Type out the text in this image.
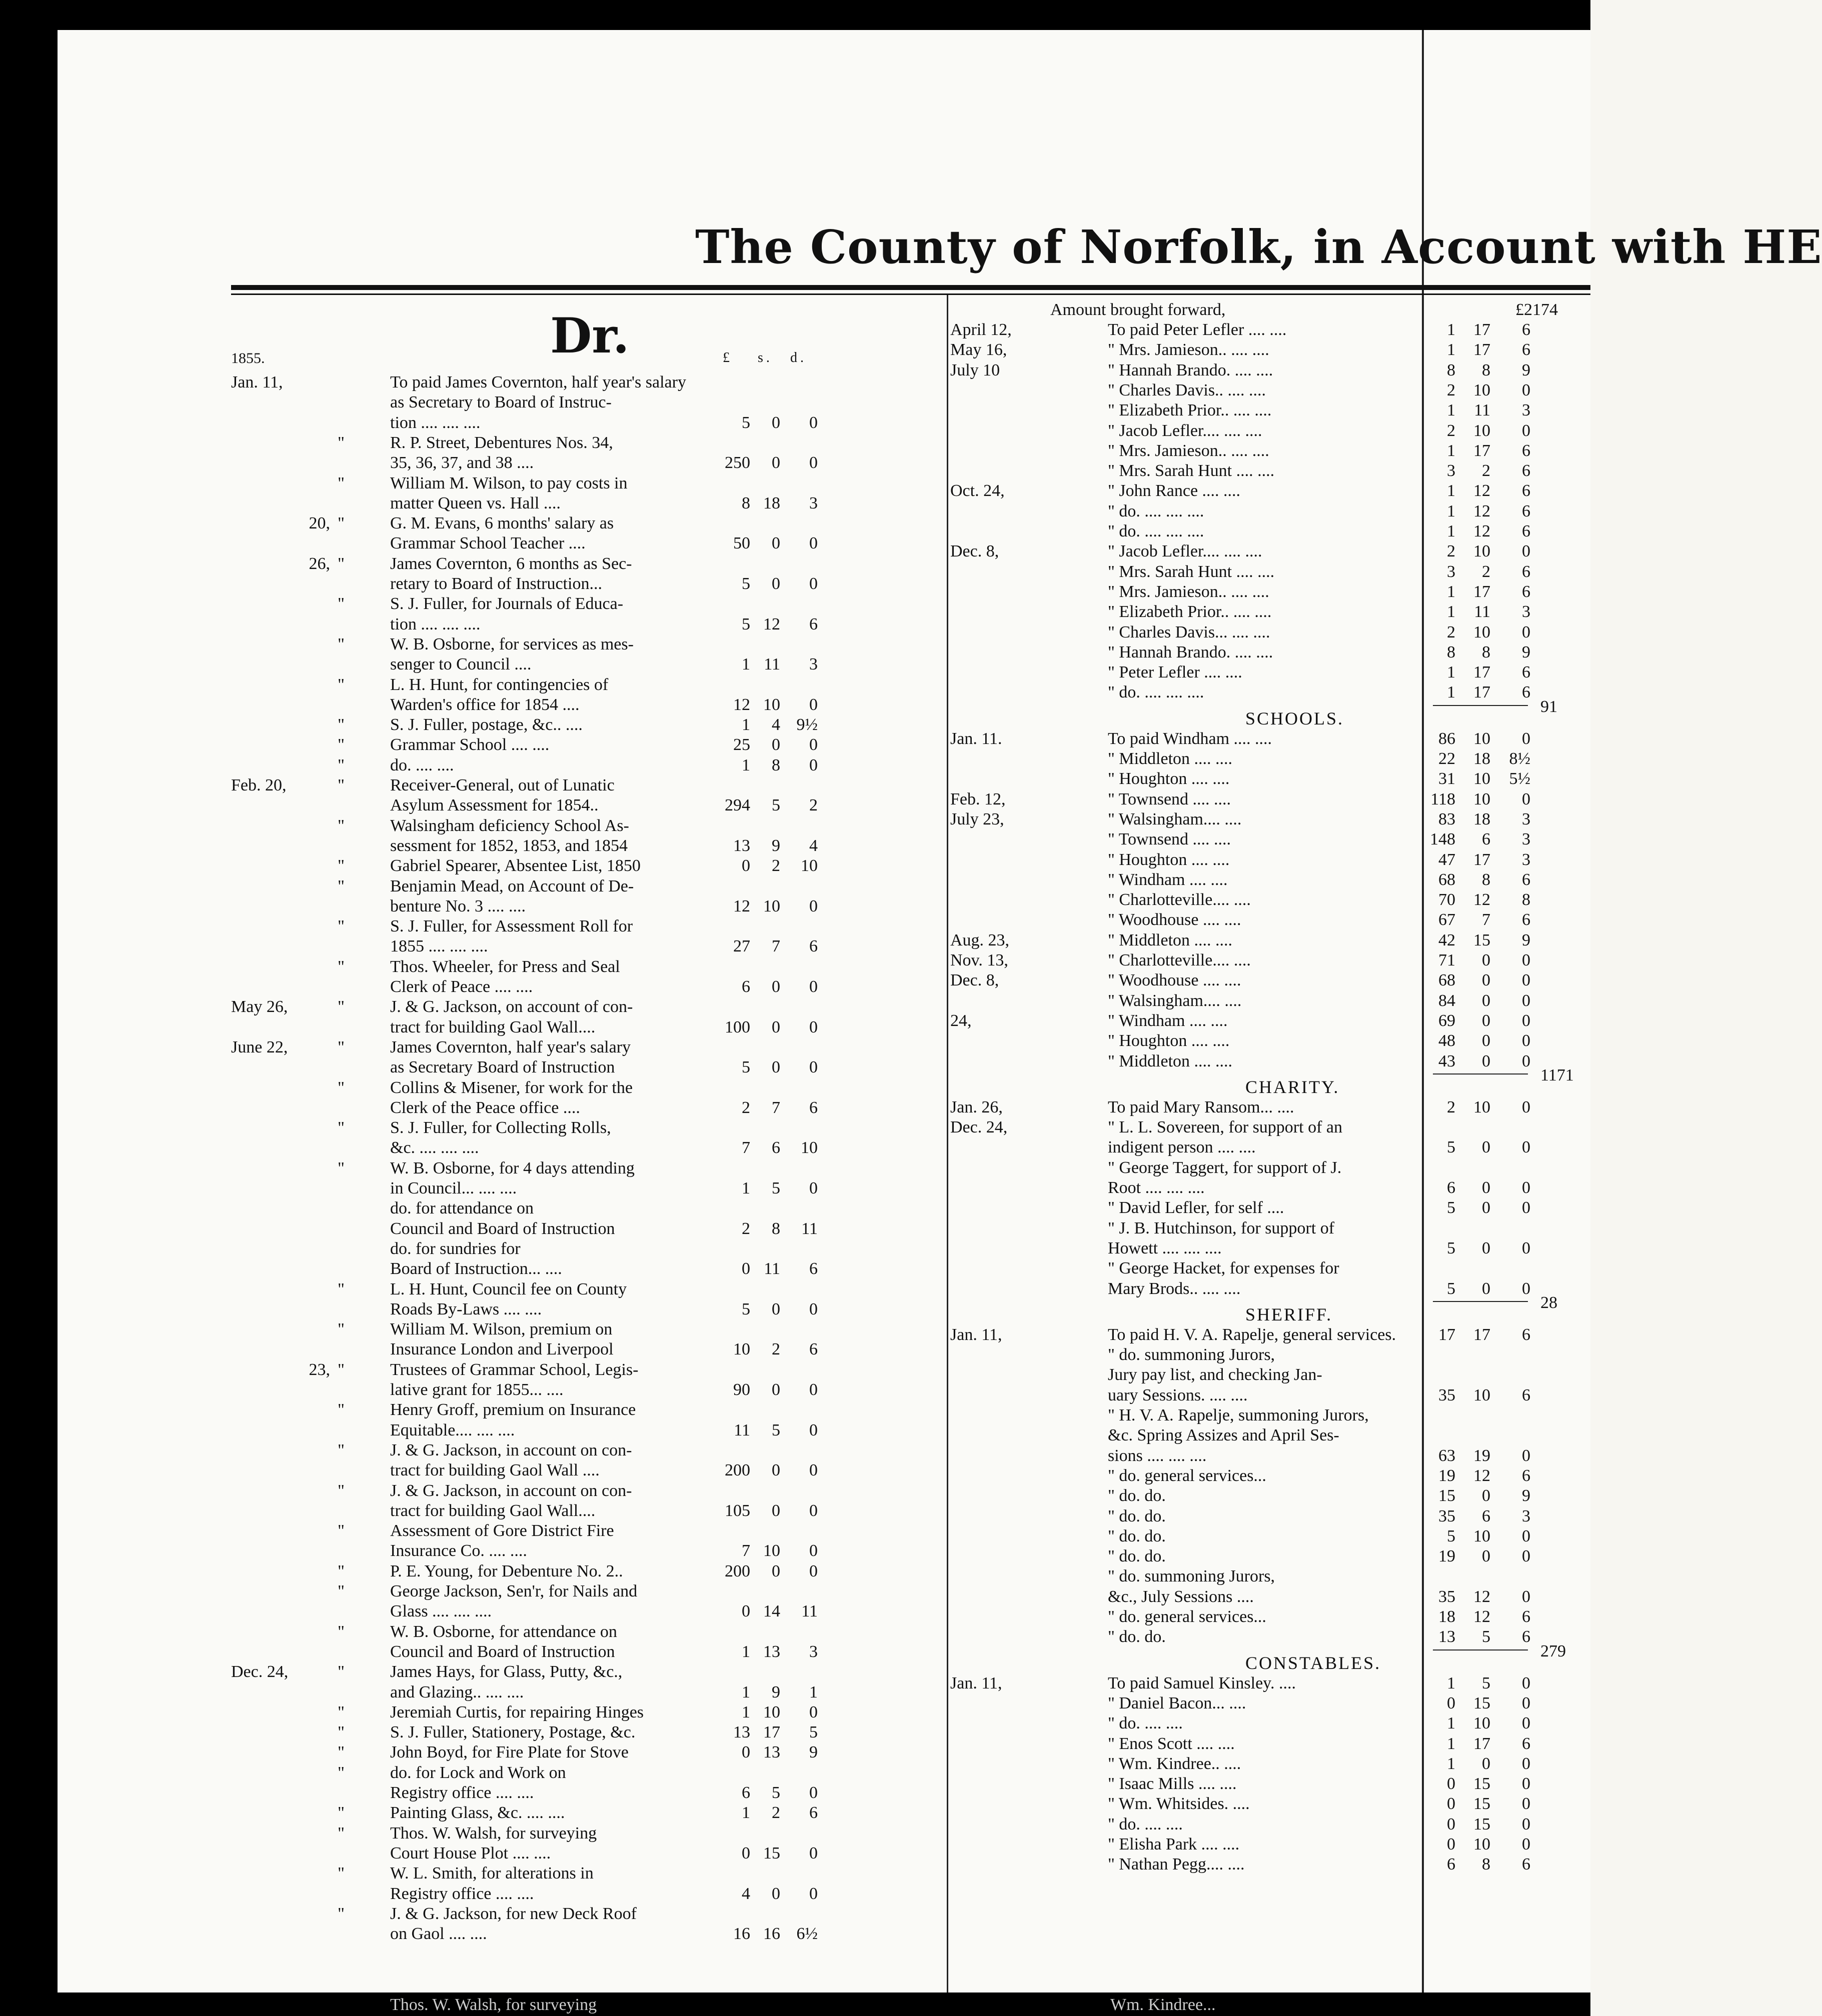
The County of Norfolk, in Account with HE
Dr.
1855.	£ s. d.
Jan. 11,	To paid James Covernton, half year's salary
as Secretary to Board of Instruc-
tion .... .... ....	5	0	0
"	R. P. Street, Debentures Nos. 34,
35, 36, 37, and 38 ....	250	0	0
"	William M. Wilson, to pay costs in
matter Queen vs. Hall ....	8 18	3
20, "	G. M. Evans, 6 months' salary as
Grammar School Teacher ....	50	0	0
26, "	James Covernton, 6 months as Sec-
retary to Board of Instruction...	5	0	0
"	S. J. Fuller, for Journals of Educa-
tion .... .... ....	5 12	6
"	W. B. Osborne, for services as mes-
senger to Council ....	1 11	3
"	L. H. Hunt, for contingencies of
Warden's office for 1854 ....	12 10	0
"	S. J. Fuller, postage, &c.. ....	1	4 9½
"	Grammar School .... ....	25	0	0
"	do. .... ....	1	8	0
Feb. 20,	"	Receiver-General, out of Lunatic
Asylum Assessment for 1854..	294	5	2
"	Walsingham deficiency School As-
sessment for 1852, 1853, and 1854	13	9	4
"	Gabriel Spearer, Absentee List, 1850	0	2	10
"	Benjamin Mead, on Account of De-
benture No. 3 .... ....	12 10	0
"	S. J. Fuller, for Assessment Roll for
1855 .... .... ....	27	7	6
"	Thos. Wheeler, for Press and Seal
Clerk of Peace .... ....	6	0	0
May 26,	"	J. & G. Jackson, on account of con-
tract for building Gaol Wall....	100	0	0
June 22,	"	James Covernton, half year's salary
as Secretary Board of Instruction	5	0	0
"	Collins & Misener, for work for the
Clerk of the Peace office ....	2	7	6
"	S. J. Fuller, for Collecting Rolls,
&c. .... .... ....	7	6	10
"	W. B. Osborne, for 4 days attending
in Council... .... ....	1	5	0
do. for attendance on
Council and Board of Instruction	2	8	11
do. for sundries for
Board of Instruction... ....	0 11	6
"	L. H. Hunt, Council fee on County
Roads By-Laws .... ....	5	0	0
"	William M. Wilson, premium on
Insurance London and Liverpool	10	2	6
23, "	Trustees of Grammar School, Legis-
lative grant for 1855... ....	90	0	0
"	Henry Groff, premium on Insurance
Equitable.... .... ....	11	5	0
"	J. & G. Jackson, in account on con-
tract for building Gaol Wall ....	200	0	0
"	J. & G. Jackson, in account on con-
tract for building Gaol Wall....	105	0	0
"	Assessment of Gore District Fire
Insurance Co. .... ....	7 10	0
"	P. E. Young, for Debenture No. 2..	200	0	0
"	George Jackson, Sen'r, for Nails and
Glass .... .... ....	0 14	11
"	W. B. Osborne, for attendance on
Council and Board of Instruction	1 13	3
Dec. 24,	"	James Hays, for Glass, Putty, &c.,
and Glazing.. .... ....	1	9	1
"	Jeremiah Curtis, for repairing Hinges	1 10	0
"	S. J. Fuller, Stationery, Postage, &c.	13 17	5
"	John Boyd, for Fire Plate for Stove	0 13	9
"	do. for Lock and Work on
Registry office .... ....	6	5	0
"	Painting Glass, &c. .... ....	1	2	6
"	Thos. W. Walsh, for surveying
Court House Plot .... ....	0 15	0
"	W. L. Smith, for alterations in
Registry office .... ....	4	0	0
"	J. & G. Jackson, for new Deck Roof
on Gaol .... ....	16 16 6½
Amount brought forward,	£2174
April 12,	To paid Peter Lefler .... ....	1	17	6
May 16,	" Mrs. Jamieson.. .... ....	1	17	6
July 10	" Hannah Brando. .... ....	8	8	9
" Charles Davis.. .... ....	2	10	0
" Elizabeth Prior.. .... ....	1	11	3
" Jacob Lefler.... .... ....	2	10	0
" Mrs. Jamieson.. .... ....	1	17	6
" Mrs. Sarah Hunt .... ....	3	2	6
Oct. 24,	" John Rance .... ....	1	12	6
" do. .... .... ....	1	12	6
" do. .... .... ....	1	12	6
Dec. 8,	" Jacob Lefler.... .... ....	2	10	0
" Mrs. Sarah Hunt .... ....	3	2	6
" Mrs. Jamieson.. .... ....	1	17	6
" Elizabeth Prior.. .... ....	1	11	3
" Charles Davis... .... ....	2	10	0
" Hannah Brando. .... ....	8	8	9
" Peter Lefler .... ....	1	17	6
" do. .... .... ....	1	17	6
91
SCHOOLS.
Jan. 11.	To paid Windham .... ....	86	10	0
" Middleton .... ....	22	18	8½
" Houghton .... ....	31	10	5½
Feb. 12,	" Townsend .... ....	118	10	0
July 23,	" Walsingham.... ....	83	18	3
" Townsend .... ....	148	6	3
" Houghton .... ....	47	17	3
" Windham .... ....	68	8	6
" Charlotteville.... ....	70	12	8
" Woodhouse .... ....	67	7	6
Aug. 23,	" Middleton .... ....	42	15	9
Nov. 13,	" Charlotteville.... ....	71	0	0
Dec. 8,	" Woodhouse .... ....	68	0	0
" Walsingham.... ....	84	0	0
24,	" Windham .... ....	69	0	0
" Houghton .... ....	48	0	0
" Middleton .... ....	43	0	0
1171
CHARITY.
Jan. 26,	To paid Mary Ransom... ....	2	10	0
Dec. 24,	" L. L. Sovereen, for support of an
indigent person .... ....	5	0	0
" George Taggert, for support of J.
Root .... .... ....	6	0	0
" David Lefler, for self ....	5	0	0
" J. B. Hutchinson, for support of
Howett .... .... ....	5	0	0
" George Hacket, for expenses for
Mary Brods.. .... ....	5	0	0
28
SHERIFF.
Jan. 11,	To paid H. V. A. Rapelje, general services.	17	17	6
" do. summoning Jurors,
Jury pay list, and checking Jan-
uary Sessions. .... ....	35	10	6
" H. V. A. Rapelje, summoning Jurors,
&c. Spring Assizes and April Ses-
sions .... .... ....	63	19	0
" do. general services...	19	12	6
" do. do.	15	0	9
" do. do.	35	6	3
" do. do.	5	10	0
" do. do.	19	0	0
" do. summoning Jurors,
&c., July Sessions ....	35	12	0
" do. general services...	18	12	6
" do. do.	13	5	6
279
CONSTABLES.
Jan. 11,	To paid Samuel Kinsley. ....	1	5	0
" Daniel Bacon... ....	0	15	0
" do. .... ....	1	10	0
" Enos Scott .... ....	1	17	6
" Wm. Kindree.. ....	1	0	0
" Isaac Mills .... ....	0	15	0
" Wm. Whitsides. ....	0	15	0
" do. .... ....	0	15	0
" Elisha Park .... ....	0	10	0
" Nathan Pegg.... ....	6	8	6
Thos. W. Walsh, for surveying	Wm. Kindree...
